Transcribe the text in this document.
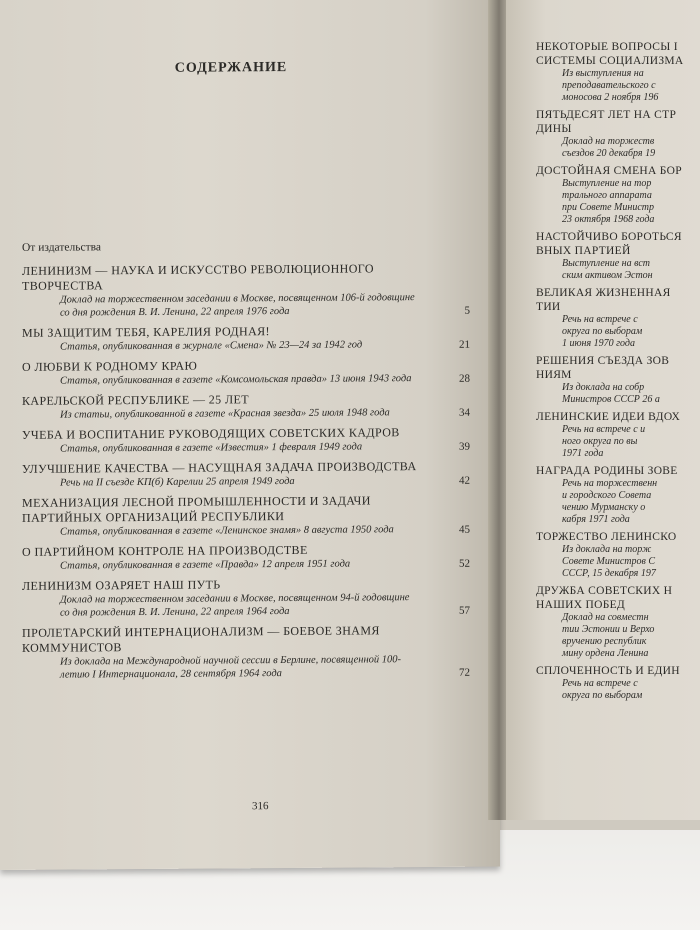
СОДЕРЖАНИЕ
От издательства
ЛЕНИНИЗМ — НАУКА И ИСКУССТВО РЕВОЛЮЦИОННОГО ТВОРЧЕСТВА
Доклад на торжественном заседании в Москве, посвященном 106-й годовщине со дня рождения В. И. Ленина, 22 апреля 1976 года	5
МЫ ЗАЩИТИМ ТЕБЯ, КАРЕЛИЯ РОДНАЯ!
Статья, опубликованная в журнале «Смена» № 23—24 за 1942 год	21
О ЛЮБВИ К РОДНОМУ КРАЮ
Статья, опубликованная в газете «Комсомольская правда» 13 июня 1943 года	28
КАРЕЛЬСКОЙ РЕСПУБЛИКЕ — 25 ЛЕТ
Из статьи, опубликованной в газете «Красная звезда» 25 июля 1948 года	34
УЧЕБА И ВОСПИТАНИЕ РУКОВОДЯЩИХ СОВЕТСКИХ КАДРОВ
Статья, опубликованная в газете «Известия» 1 февраля 1949 года	39
УЛУЧШЕНИЕ КАЧЕСТВА — НАСУЩНАЯ ЗАДАЧА ПРОИЗВОДСТВА
Речь на II съезде КП(б) Карелии 25 апреля 1949 года	42
МЕХАНИЗАЦИЯ ЛЕСНОЙ ПРОМЫШЛЕННОСТИ И ЗАДАЧИ ПАРТИЙНЫХ ОРГАНИЗАЦИЙ РЕСПУБЛИКИ
Статья, опубликованная в газете «Ленинское знамя» 8 августа 1950 года	45
О ПАРТИЙНОМ КОНТРОЛЕ НА ПРОИЗВОДСТВЕ
Статья, опубликованная в газете «Правда» 12 апреля 1951 года	52
ЛЕНИНИЗМ ОЗАРЯЕТ НАШ ПУТЬ
Доклад на торжественном заседании в Москве, посвященном 94-й годовщине со дня рождения В. И. Ленина, 22 апреля 1964 года	57
ПРОЛЕТАРСКИЙ ИНТЕРНАЦИОНАЛИЗМ — БОЕВОЕ ЗНАМЯ КОММУНИСТОВ
Из доклада на Международной научной сессии в Берлине, посвященной 100-летию I Интернационала, 28 сентября 1964 года	72
316
НЕКОТОРЫЕ ВОПРОСЫ I
СИСТЕМЫ СОЦИАЛИЗМА
Из выступления на
преподавательского с
моносова 2 ноября 196
ПЯТЬДЕСЯТ ЛЕТ НА СТР
ДИНЫ
Доклад на торжеств
съездов 20 декабря 19
ДОСТОЙНАЯ СМЕНА БОР
Выступление на тор
трального аппарата
при Совете Министр
23 октября 1968 года
НАСТОЙЧИВО БОРОТЬСЯ
ВНЫХ ПАРТИЕЙ
Выступление на вст
ским активом Эстон
ВЕЛИКАЯ ЖИЗНЕННАЯ
ТИИ
Речь на встрече с
округа по выборам
1 июня 1970 года
РЕШЕНИЯ СЪЕЗДА ЗОВ
НИЯМ
Из доклада на собр
Министров СССР 26 а
ЛЕНИНСКИЕ ИДЕИ ВДОХ
Речь на встрече с и
ного округа по вы
1971 года
НАГРАДА РОДИНЫ ЗОВЕ
Речь на торжественн
и городского Совета
чению Мурманску о
кабря 1971 года
ТОРЖЕСТВО ЛЕНИНСКО
Из доклада на торж
Совете Министров С
СССР, 15 декабря 197
ДРУЖБА СОВЕТСКИХ Н
НАШИХ ПОБЕД
Доклад на совместн
тии Эстонии и Верхо
вручению республик
мину ордена Ленина
СПЛОЧЕННОСТЬ И ЕДИН
Речь на встрече с
округа по выборам
